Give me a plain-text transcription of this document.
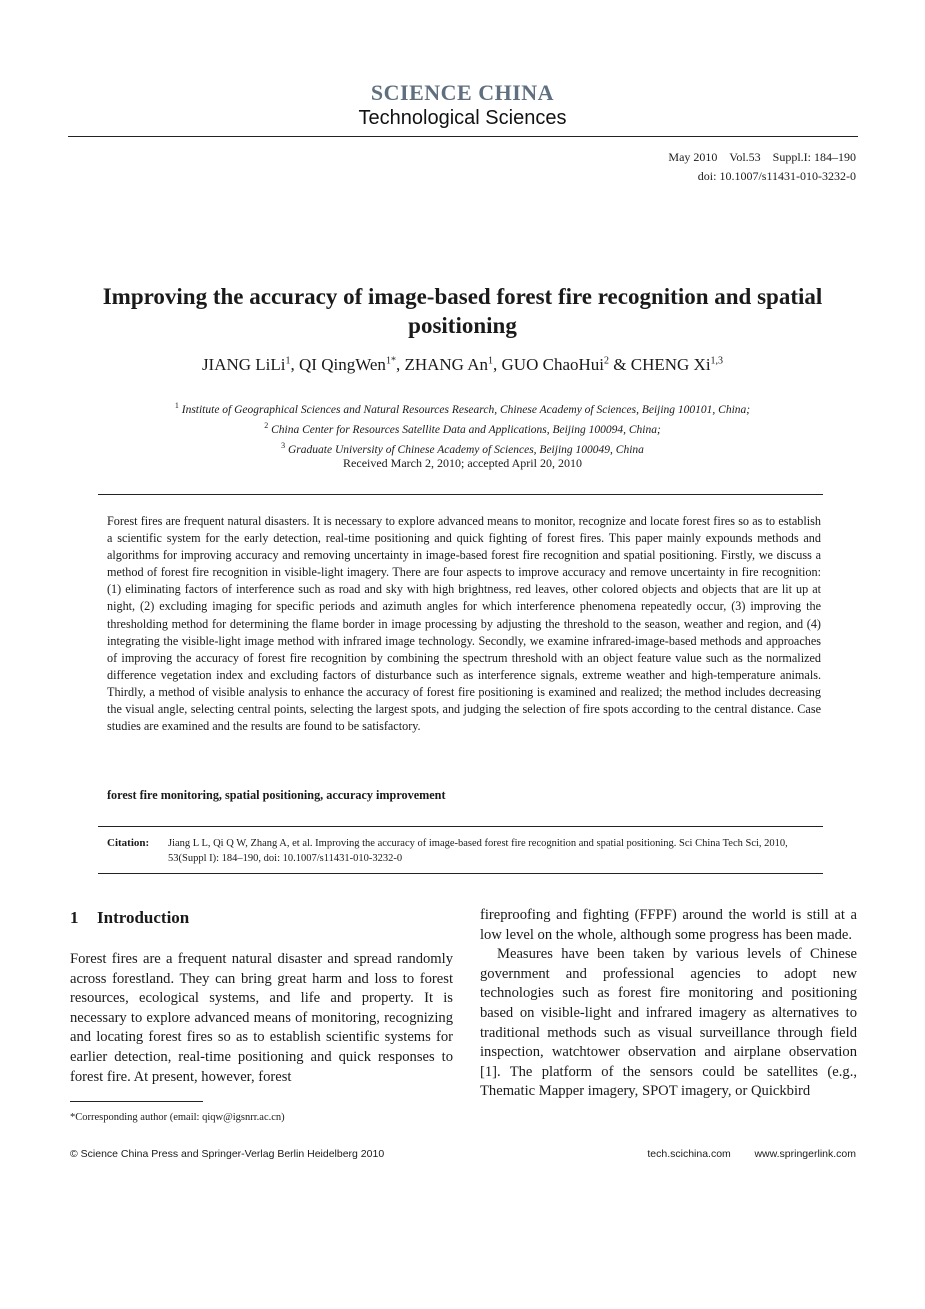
SCIENCE CHINA
Technological Sciences
May 2010    Vol.53    Suppl.I: 184–190
doi: 10.1007/s11431-010-3232-0
Improving the accuracy of image-based forest fire recognition and spatial positioning
JIANG LiLi$^1$, QI QingWen$^{1*}$, ZHANG An$^1$, GUO ChaoHui$^2$ & CHENG Xi$^{1,3}$
$^1$ Institute of Geographical Sciences and Natural Resources Research, Chinese Academy of Sciences, Beijing 100101, China;
$^2$ China Center for Resources Satellite Data and Applications, Beijing 100094, China;
$^3$ Graduate University of Chinese Academy of Sciences, Beijing 100049, China
Received March 2, 2010; accepted April 20, 2010
Forest fires are frequent natural disasters. It is necessary to explore advanced means to monitor, recognize and locate forest fires so as to establish a scientific system for the early detection, real-time positioning and quick fighting of forest fires. This paper mainly expounds methods and algorithms for improving accuracy and removing uncertainty in image-based forest fire recognition and spatial positioning. Firstly, we discuss a method of forest fire recognition in visible-light imagery. There are four aspects to improve accuracy and remove uncertainty in fire recognition: (1) eliminating factors of interference such as road and sky with high brightness, red leaves, other colored objects and objects that are lit up at night, (2) excluding imaging for specific periods and azimuth angles for which interference phenomena repeatedly occur, (3) improving the thresholding method for determining the flame border in image processing by adjusting the threshold to the season, weather and region, and (4) integrating the visible-light image method with infrared image technology. Secondly, we examine infrared-image-based methods and approaches of improving the accuracy of forest fire recognition by combining the spectrum threshold with an object feature value such as the normalized difference vegetation index and excluding factors of disturbance such as interference signals, extreme weather and high-temperature animals. Thirdly, a method of visible analysis to enhance the accuracy of forest fire positioning is examined and realized; the method includes decreasing the visual angle, selecting central points, selecting the largest spots, and judging the selection of fire spots according to the central distance. Case studies are examined and the results are found to be satisfactory.
forest fire monitoring, spatial positioning, accuracy improvement
Citation: Jiang L L, Qi Q W, Zhang A, et al. Improving the accuracy of image-based forest fire recognition and spatial positioning. Sci China Tech Sci, 2010, 53(Suppl I): 184–190, doi: 10.1007/s11431-010-3232-0
1 Introduction

Forest fires are a frequent natural disaster and spread randomly across forestland. They can bring great harm and loss to forest resources, ecological systems, and life and property. It is necessary to explore advanced means of monitoring, recognizing and locating forest fires so as to establish scientific systems for earlier detection, real-time positioning and quick responses to forest fire. At present, however, forest

fireproofing and fighting (FFPF) around the world is still at a low level on the whole, although some progress has been made.

Measures have been taken by various levels of Chinese government and professional agencies to adopt new technologies such as forest fire monitoring and positioning based on visible-light and infrared imagery as alternatives to traditional methods such as visual surveillance through field inspection, watchtower observation and airplane observation [1]. The platform of the sensors could be satellites (e.g., Thematic Mapper imagery, SPOT imagery, or Quickbird

*Corresponding author (email: qiqw@igsnrr.ac.cn)
© Science China Press and Springer-Verlag Berlin Heidelberg 2010	tech.scichina.com    www.springerlink.com
